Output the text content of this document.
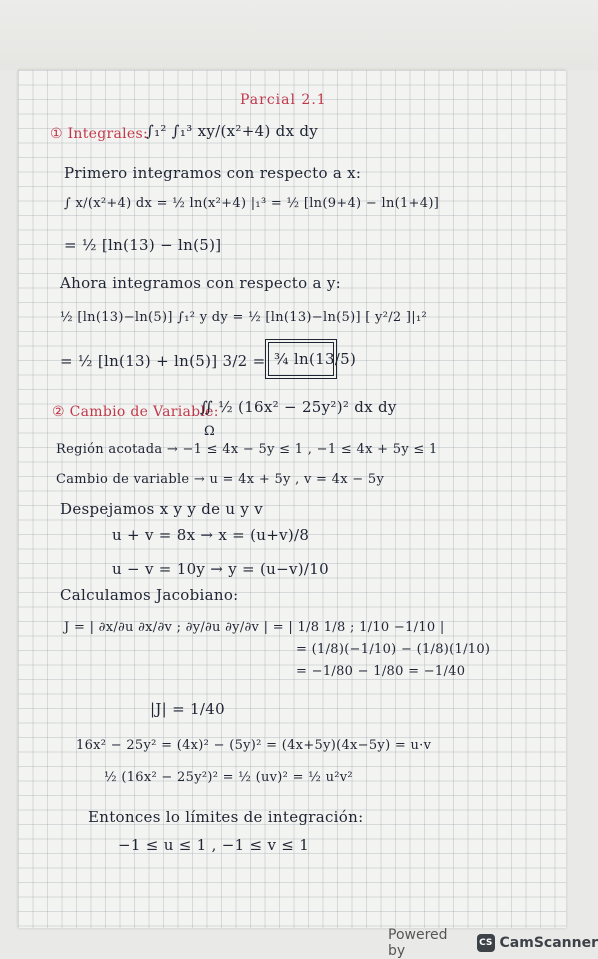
Parcial 2.1
① Integrales:
∫₁² ∫₁³ xy/(x²+4) dx dy
Primero integramos con respecto a x:
∫ x/(x²+4) dx = ½ ln(x²+4) |₁³ = ½ [ln(9+4) − ln(1+4)]
= ½ [ln(13) − ln(5)]
Ahora integramos con respecto a y:
½ [ln(13)−ln(5)] ∫₁² y dy = ½ [ln(13)−ln(5)] [ y²/2 ]|₁²
= ½ [ln(13) + ln(5)] 3/2 = ¾ ln(13/5)
② Cambio de Variable:
∬ ½ (16x² − 25y²)² dx dy
Ω
Región acotada → −1 ≤ 4x − 5y ≤ 1 , −1 ≤ 4x + 5y ≤ 1
Cambio de variable → u = 4x + 5y , v = 4x − 5y
Despejamos x y y de u y v
u + v = 8x → x = (u+v)/8
u − v = 10y → y = (u−v)/10
Calculamos Jacobiano:
J = | ∂x/∂u ∂x/∂v ; ∂y/∂u ∂y/∂v | = | 1/8 1/8 ; 1/10 −1/10 |
= (1/8)(−1/10) − (1/8)(1/10)
= −1/80 − 1/80 = −1/40
|J| = 1/40
16x² − 25y² = (4x)² − (5y)² = (4x+5y)(4x−5y) = u·v
½ (16x² − 25y²)² = ½ (uv)² = ½ u²v²
Entonces lo límites de integración:
−1 ≤ u ≤ 1 , −1 ≤ v ≤ 1
Powered by	CS CamScanner
